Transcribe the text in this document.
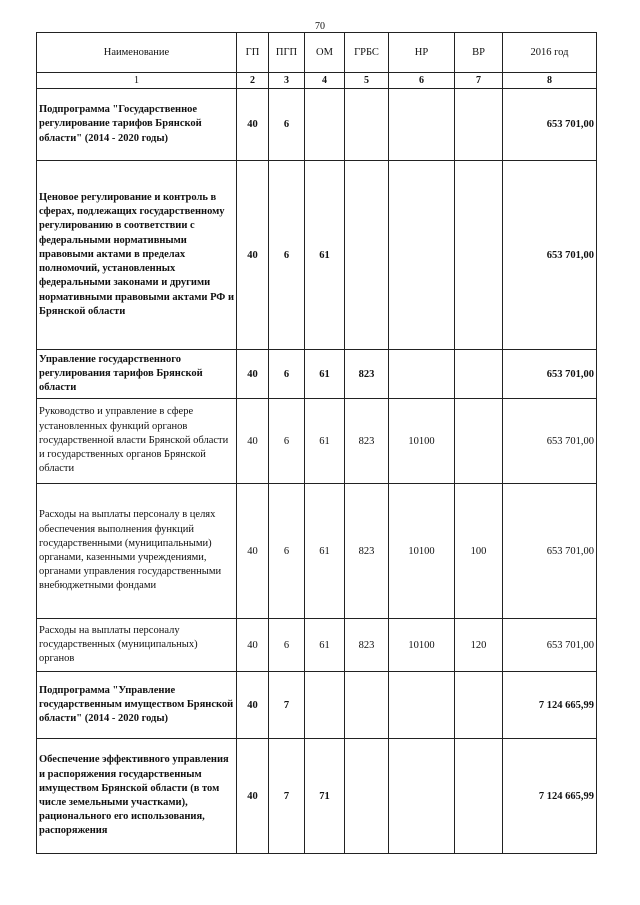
70
Наименование	ГП	ПГП	ОМ	ГРБС	НР	ВР	2016 год
1	2	3	4	5	6	7	8
Подпрограмма "Государственное регулирование тарифов Брянской области" (2014 - 2020 годы)	40	6					653 701,00
Ценовое регулирование и контроль в сферах, подлежащих государственному регулированию в соответствии с федеральными нормативными правовыми актами в пределах полномочий, установленных федеральными законами и другими нормативными правовыми актами РФ и Брянской области	40	6	61				653 701,00
Управление государственного регулирования тарифов Брянской области	40	6	61	823			653 701,00
Руководство и управление в сфере установленных функций органов государственной власти Брянской области и государственных органов Брянской области	40	6	61	823	10100		653 701,00
Расходы на выплаты персоналу в целях обеспечения выполнения функций государственными (муниципальными) органами, казенными учреждениями, органами управления государственными внебюджетными фондами	40	6	61	823	10100	100	653 701,00
Расходы на выплаты персоналу государственных (муниципальных) органов	40	6	61	823	10100	120	653 701,00
Подпрограмма "Управление государственным имуществом Брянской области" (2014 - 2020 годы)	40	7					7 124 665,99
Обеспечение эффективного управления и распоряжения государственным имуществом Брянской области (в том числе земельными участками), рационального его использования, распоряжения	40	7	71				7 124 665,99
